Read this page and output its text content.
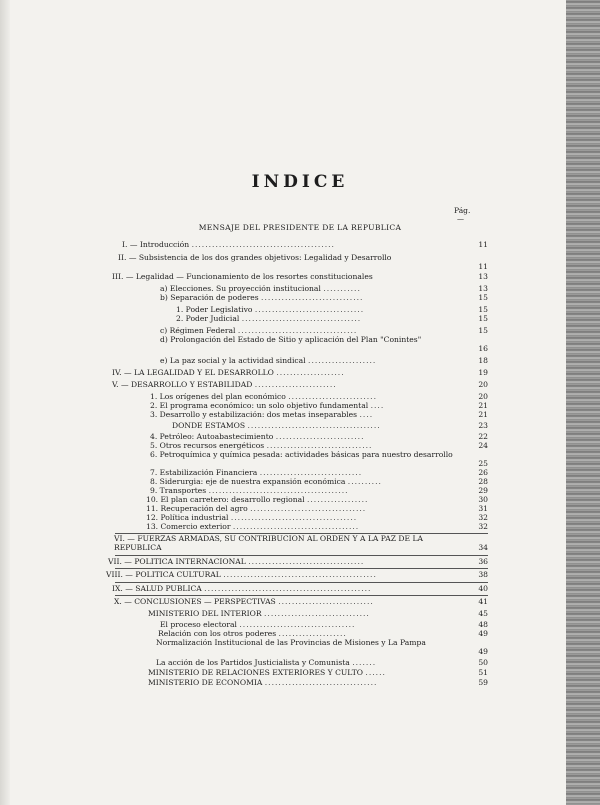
INDICE
Pág.
—
MENSAJE DEL PRESIDENTE DE LA REPUBLICA
I. — Introducción ..........................................	11
II. — Subsistencia de los dos grandes objetivos: Legalidad y Desarrollo
11
III. — Legalidad — Funcionamiento de los resortes constitucionales	13
a) Elecciones. Su proyección institucional ...........	13
b) Separación de poderes ..............................	15
1. Poder Legislativo ................................	15
2. Poder Judicial ...................................	15
c) Régimen Federal ...................................	15
d) Prolongación del Estado de Sitio y aplicación del Plan "Conintes"
16
e) La paz social y la actividad sindical ....................	18
IV. — LA LEGALIDAD Y EL DESARROLLO ....................	19
V. — DESARROLLO Y ESTABILIDAD ........................	20
1. Los orígenes del plan económico ..........................	20
2. El programa económico: un solo objetivo fundamental ....	21
3. Desarrollo y estabilización: dos metas inseparables ....	21
DONDE ESTAMOS .......................................	23
4. Petróleo: Autoabastecimiento ..........................	22
5. Otros recursos energéticos ...............................	24
6. Petroquímica y química pesada: actividades básicas para nuestro desarrollo
25
7. Estabilización Financiera ..............................	26
8. Siderurgia: eje de nuestra expansión económica ..........	28
9. Transportes .........................................	29
10. El plan carretero: desarrollo regional ..................	30
11. Recuperación del agro ..................................	31
12. Política industrial .....................................	32
13. Comercio exterior .....................................	32
VI. — FUERZAS ARMADAS, SU CONTRIBUCION AL ORDEN Y A LA PAZ DE LA REPUBLICA	34
VII. — POLITICA INTERNACIONAL ..................................	36
VIII. — POLITICA CULTURAL .............................................	38
IX. — SALUD PUBLICA .................................................	40
X. — CONCLUSIONES — PERSPECTIVAS ............................	41
MINISTERIO DEL INTERIOR ...............................	45
El proceso electoral ..................................	48
Relación con los otros poderes ....................	49
Normalización Institucional de las Provincias de Misiones y La Pampa
49
La acción de los Partidos Justicialista y Comunista .......	50
MINISTERIO DE RELACIONES EXTERIORES Y CULTO ......	51
MINISTERIO DE ECONOMIA .................................	59
